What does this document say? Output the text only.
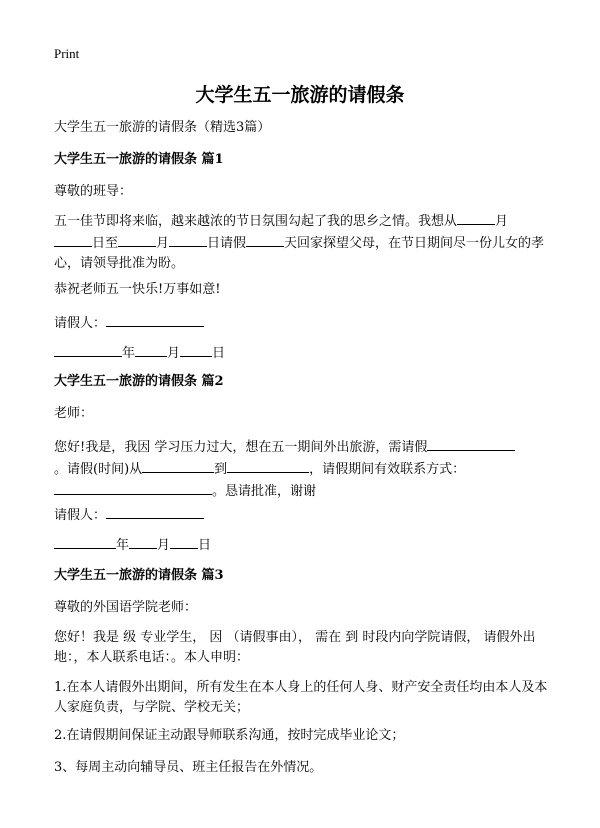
Print
大学生五一旅游的请假条
大学生五一旅游的请假条（精选3篇）
大学生五一旅游的请假条 篇1
尊敬的班导：
五一佳节即将来临，越来越浓的节日氛围勾起了我的思乡之情。我想从	月
日至	月	日请假	天回家探望父母，在节日期间尽一份儿女的孝心，请领导批准为盼。
恭祝老师五一快乐!万事如意!
请假人：
年 月 日
大学生五一旅游的请假条 篇2
老师：
您好!我是，我因 学习压力过大，想在五一期间外出旅游，需请假
。请假(时间)从	到	，请假期间有效联系方式：
。恳请批准，谢谢
请假人：
年 月 日
大学生五一旅游的请假条 篇3
尊敬的外国语学院老师：
您好！我是 级 专业学生， 因 （请假事由）， 需在 到 时段内向学院请假， 请假外出地：，本人联系电话：。本人申明：
1.在本人请假外出期间，所有发生在本人身上的任何人身、财产安全责任均由本人及本人家庭负责，与学院、学校无关；
2.在请假期间保证主动跟导师联系沟通，按时完成毕业论文；
3、每周主动向辅导员、班主任报告在外情况。
